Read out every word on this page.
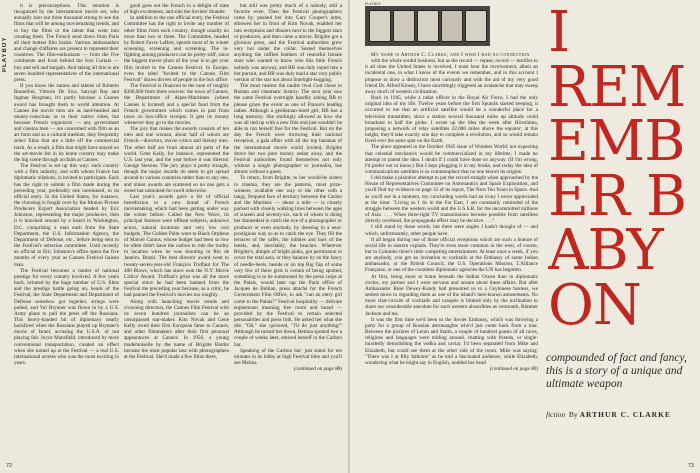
PLAYBOY

it is preconceptions. This emotion is recognized by the international movie set, who annually turn out three thousand strong to see the films that will be among moviemaking trends, and to buy the films or the talent that went into creating them. The French send down from Paris all their hottest film brains. Various ambassadors and changé d'affaires are present to represent their countries. The film-enthusiasts — from the five continents and from behind the Iron Curtain — buy and sell and bargain. And taking all this in are seven hundred representatives of the international press.

If you know the names and talents of Roberto Rossellini, Vittorio De Sica, Satyajit Ray and Ingmar Bergman, it's partly because a Cannes award has brought them to world attention. At Cannes the movie men are as hard-headed and money-conscious as in their native cities, but because French organizers — any government and cinema men — are concerned with film as an art form and as a cultural medium, they frequently select films that are a little off the commercial track. As a result, a film that might have stayed on the art-movie list in its home country may make the big scene through acclaim at Cannes.

The Festival is set up this way: each country with a film industry, and with whom France has diplomatic relations, is invited to participate. Each has the right to submit a film made during the preceding year, preferably one unreleased, to its official entry. In the United States, for instance, the choosing is fought over by the Motion Picture Producers Export Association headed by Eric Johnston, representing the major producers, then it is knocked around by a board in Washington, D.C. comprising a man each from the State Department, the U.S. Information Agency, the Department of Defense, etc., before being sent to the Festival's selection committee. Until recently an official in Eric Johnston's office spent the five months of every year as Cannes Festival liaison man.

The Festival becomes a matter of national prestige for every country involved. A few years back, irritated by the huge number of U.S. films and the prestige battle going on, heads of the Festival, the State Department and Department of Defense somehow got together, strings were pulled, and Yul Brynner was flown in by a U.S. Army plane to pull the press off the Russians. This heavy-handed bit of diplomacy nearly backfired when the Russians played up Brynner's movie of Israel, accusing the U.S.A. of not playing fair. Joyce Mansfield, introduced by more conventional transportation, created an effect when she turned up at the Festival — a real U.S. international actress who was the most exciting in years.

good goes out the French in a delight of state of high excitement, and side the Soviets' thunder.

In addition to the one official entry, the Festival Committee has the right to invite any number of other films from each country, though usually no more than two or three. The Committee, headed by Robert Favre LeBret, spends most of its winter screening, screening and screening. The in-fighting among producers can be pretty stiff, since the biggest movie plum of the year is to get your film invited to the Cannes Festival. In Europe, even the label "Invited to the Cannes Film Festival" draws droves of people to the box office.

The Festival is financed to the tune of roughly $300,000 from three sources: the town of Cannes, the Department of Alpes-Maritimes (where Cannes is located) and a special fund from the French government which comes in part from taxes on box-office receipts. It gets its money whenever they go to the movies.

The jury that makes the awards consists of ten men and one woman, about half of whom are French—directors, movie critics and literary men. The other half are from almost all parts of the world. Gene Kelly, for instance, represented the U.S. last year, and the year before it was director George Stevens. The jury plays it pretty straight, though the major awards do seem to get spread around to various countries rather than to any one, and minor awards are scattered so no one gets a sweet but unlooked-for swell otherwise.

Last year's awards gave a bit of official benediction to a new brand of French moviemaking which had been getting under way the winter before. Called the New Wave, its principal features were offbeat subjects, unknown actors, natural locations and very low cost budgets. The Golden Palm went to Black Orpheus of Marcel Camus, whose budget had been so low he often didn't have the carbon to ride the trolley to location when he was shooting in Rio de Janeiro, Brazil. The best director award went to twenty-seven-year-old François Truffaut for The 400 Blows, which has since won the N.Y. Movie Critics' Award. Truffaut's prize was all the more special since he had been banned from the Festival the preceding year because, as a critic, he had panned the Festival's movies too roughly.

Along with launching movie trends and crowning directors, the Cannes Film Festival with its seven hundred journalists can be an unsurpassed star-maker. Kim Novak and Gene Kelly owed their first European fame to Cannes, and other filmmakers after their first personal appearances at Cannes. In 1956, a young mademoiselle by the name of Brigitte Bardot became the most popular lass with photographers at the Festival. She'd made a few films there,

but still was pretty much of a nobody, still a favorite even. Then the Festival photographers came by, pushed her into Gary Cooper's arms, elbowed her in front of Kim Novak, enabled her into receptions and dinners next to the biggest stars or producers, and then came a movie. Brigitte got a glorious press, and the Festival authorities grew very hot under the collar. Seated themselves anything the ruffled feathers of resentful female stars who wanted to know who this little French nobody was anyway, and BB was duly roped into a hot pursuit, and BB was duly mad a star very public version of the star not about limelight-hogging.

The most nearest the nudist rival God chose to Roman and cinematic history. The next year saw the same Festival overnight handily asking BB to please grace the event as one of France's leading ladies. Although a gentleman-lured girl, BB has a long memory. She smilingly allowed as how she was all tied up with a new film and just wouldn't be able to run herself free for the Festival. But on the day the French were throwing their national reception, a gala affair with all the top bananas of the international movie world invited, Brigitte drove her two pure money sedan away, and the Festival authorities found themselves not only without a single photographer or journalist, but almost without a guest.

To return, from Brigitte, to her would-be sisters in cinema, they are the patterns, most prize-winners, available one way or the other with a tangy, frequent face of territory between the Casino and the Martinez — about a mile — is closely packed with closely walking lines between the ages of sixteen and seventy-six, each of whom is doing her damnedest to catch the eye of a photographer or producer or even anybody, by dressing in a near-prodigious way so as to catch the eye. They fill the terraces of the cafés, the lobbies and bars of the hotels, and, inevitably, the beaches. Wherever Brigitte's, dimple of bright pinks, got permission to cover the total area, or they balance by on the fancy of needle-heels, beside or on top Big Tap of some very few of these girls is certain of being spotted, something is to be summoned by the press corps at the Palais, would later tap the Paris office of Jacques de Brétian, press attaché for the French Government Film Office, to ask "can an entry girl come to the Palais?" Festival hospitality — delicate euphemism meaning free room and board — provided by the Festival to certain selected personalities and press folk. He asked her what she did. "Oh," she quivered, "I'll do just anything!" Although he turned her down, Bettina spotted two a couple of weeks later, enticed herself in the Carlton bar.

Speaking of the Carlton bar: just stand for ten minutes in its lobby at high Festival time and you'll see Melina

(continued on page 88)

72
PLAYBOY

My name is Arthur C. Clarke, and I wish I had no connection

with the whole sordid business, but as the record — repeat, record — testifies to it all time the United States is involved, I must bear the involvement, albeit an incidental one, in what I know of the events we remember, and in this account I propose to draw a distinction most curiously and with the aid of my very good friend Dr. Alfred Kinsey, I have unwittingly triggered an avalanche that may sweep away much of western civilization.

Back in 1945, while a radar officer in the Royal Air Force, I had the only original idea of my life. Twelve years before the first Sputnik started beeping, it occurred to me that an artificial satellite would be a wonderful place for a television transmitter, since a station several thousand miles up altitude could broadcast to half the globe. I wrote up the idea the week after Hiroshima, proposing a network of relay satellites 22,000 miles above the equator; at this height, they'd take exactly one day to complete a revolution, and so would remain fixed over the same spot on the Earth.

The piece appeared in the October 1945 issue of Wireless World; not expecting that celestial mechanics would be commercialized in my lifetime, I made no attempt to patent the idea. I doubt if I could have done so anyway. (If I'm wrong, I'd prefer not to know.) But I kept plugging it in my books, and today the idea of communications satellites is so commonplace that no one knows its origins.

I did make a plaintive attempt to put the record straight when approached by the House of Representatives Committee on Astronautics and Space Exploration, and you'll find my evidence on page 32 of its report, The Next Ten Years in Space. And as you'll see in a moment, my concluding words had an irony I never appreciated at the time: "Living as I do in the Far East, I am constantly reminded of the struggle between the western world and the U.S.S.R. for the uncommitted millions of Asia. . . . When three-light TV transmissions become possible from satellites directly overhead, the propaganda effect may be decisive. . . ."

I still stand by those words, but there were angles I hadn't thought of — and which, unfortunately, other people have.

It all began during one of those official receptions which are such a feature of social life in eastern capitals. They're even more common in the west, of course, but in Colombo there's little competing entertainment. At least once a week, if you are anybody, you get an invitation to cocktails at the Embassy of some Indian ambassador, or the British Council, the U.S. Operations Mission, L'Alliance Française, or one of the countless diplomatic agencies the UN has begotten.

At first, being more at home beneath the Indian Ocean than in diplomatic circles, my partner and I were nervous and unsure about these affairs. But after Ambassador Rosé Dewey-Kandy had presented us to a Ceylonese hostess, we settled down to regarding them as one of the island's best-known amusements. No more chat-circuits of cocktails and canapés is limited only by the inclination to share our considerable anecdote for such western absurdities as vermouth, Rimmer Jackson and tea.

It was the first time we'd been to the Soviet Embassy, which was throwing a party for a group of Russian astronaughts who'd just come back from a tour. Between the pictures of Lenin and Stalin, a couple of hundred guests of all races, religions and languages were milling around, chatting with friends, or single-mindedly demolishing the vodka and caviar. I'd been separated from Mike and Elizabeth, but could see them at the other side of the room. Mike was saying: "There was I at fifty fathoms" as he told a fascinated audience, while Elizabeth, wondering what he might say in English, nodded her head

(continued on page 80)

I
REM
EMB
ER B
ABY
ON
compounded of fact and fancy, this is a story of a unique and ultimate weapon
fiction By ARTHUR C. CLARKE
73
